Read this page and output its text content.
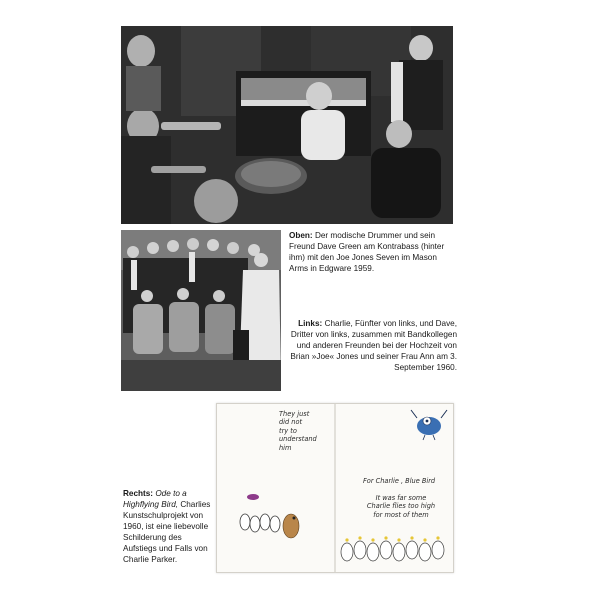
Oben: Der modische Drummer und sein Freund Dave Green am Kontrabass (hinter ihm) mit den Joe Jones Seven im Mason Arms in Edgware 1959.
Links: Charlie, Fünfter von links, und Dave, Dritter von links, zusammen mit Bandkollegen und anderen Freunden bei der Hochzeit von Brian »Joe« Jones und seiner Frau Ann am 3. September 1960.
Rechts: Ode to a Highflying Bird, Charlies Kunstschulprojekt von 1960, ist eine liebevolle Schilderung des Aufstiegs und Falls von Charlie Parker.
They just
did not
try to
understand
him
For Charlie , Blue Bird
It was far some
Charlie flies too high
for most of them
